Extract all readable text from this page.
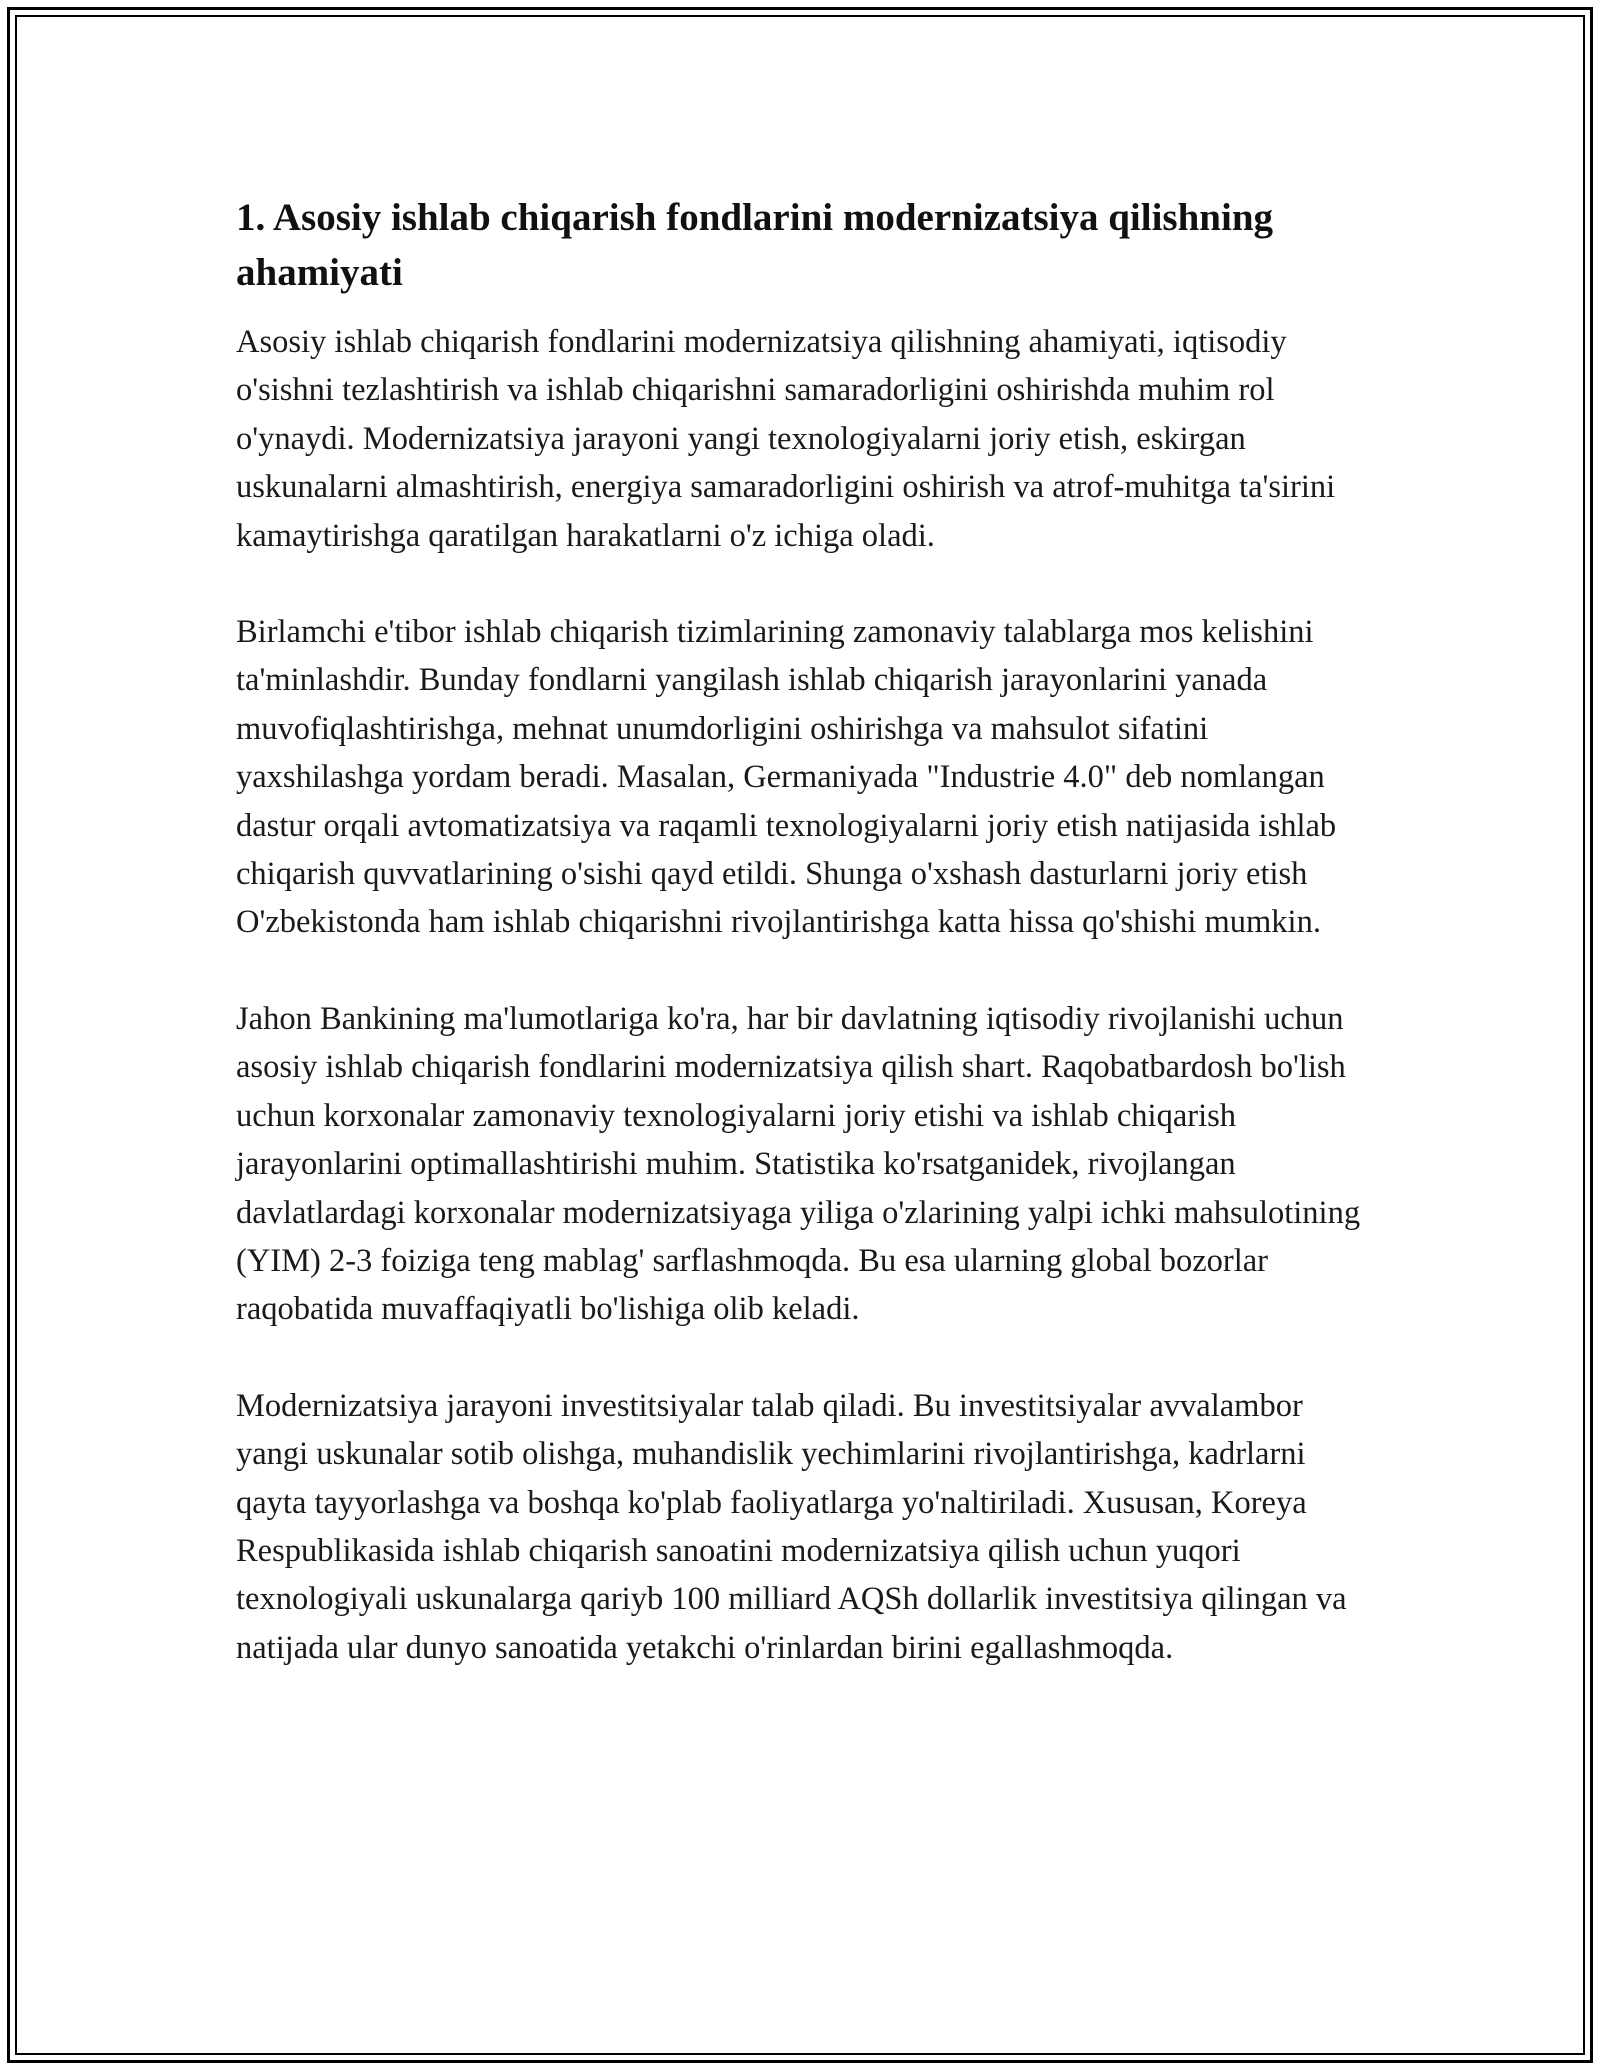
1. Asosiy ishlab chiqarish fondlarini modernizatsiya qilishning ahamiyati

Asosiy ishlab chiqarish fondlarini modernizatsiya qilishning ahamiyati, iqtisodiy o'sishni tezlashtirish va ishlab chiqarishni samaradorligini oshirishda muhim rol o'ynaydi. Modernizatsiya jarayoni yangi texnologiyalarni joriy etish, eskirgan uskunalarni almashtirish, energiya samaradorligini oshirish va atrof-muhitga ta'sirini kamaytirishga qaratilgan harakatlarni o'z ichiga oladi.

Birlamchi e'tibor ishlab chiqarish tizimlarining zamonaviy talablarga mos kelishini ta'minlashdir. Bunday fondlarni yangilash ishlab chiqarish jarayonlarini yanada muvofiqlashtirishga, mehnat unumdorligini oshirishga va mahsulot sifatini yaxshilashga yordam beradi. Masalan, Germaniyada "Industrie 4.0" deb nomlangan dastur orqali avtomatizatsiya va raqamli texnologiyalarni joriy etish natijasida ishlab chiqarish quvvatlarining o'sishi qayd etildi. Shunga o'xshash dasturlarni joriy etish O'zbekistonda ham ishlab chiqarishni rivojlantirishga katta hissa qo'shishi mumkin.

Jahon Bankining ma'lumotlariga ko'ra, har bir davlatning iqtisodiy rivojlanishi uchun asosiy ishlab chiqarish fondlarini modernizatsiya qilish shart. Raqobatbardosh bo'lish uchun korxonalar zamonaviy texnologiyalarni joriy etishi va ishlab chiqarish jarayonlarini optimallashtirishi muhim. Statistika ko'rsatganidek, rivojlangan davlatlardagi korxonalar modernizatsiyaga yiliga o'zlarining yalpi ichki mahsulotining (YIM) 2-3 foiziga teng mablag' sarflashmoqda. Bu esa ularning global bozorlar raqobatida muvaffaqiyatli bo'lishiga olib keladi.

Modernizatsiya jarayoni investitsiyalar talab qiladi. Bu investitsiyalar avvalambor yangi uskunalar sotib olishga, muhandislik yechimlarini rivojlantirishga, kadrlarni qayta tayyorlashga va boshqa ko'plab faoliyatlarga yo'naltiriladi. Xususan, Koreya Respublikasida ishlab chiqarish sanoatini modernizatsiya qilish uchun yuqori texnologiyali uskunalarga qariyb 100 milliard AQSh dollarlik investitsiya qilingan va natijada ular dunyo sanoatida yetakchi o'rinlardan birini egallashmoqda.
